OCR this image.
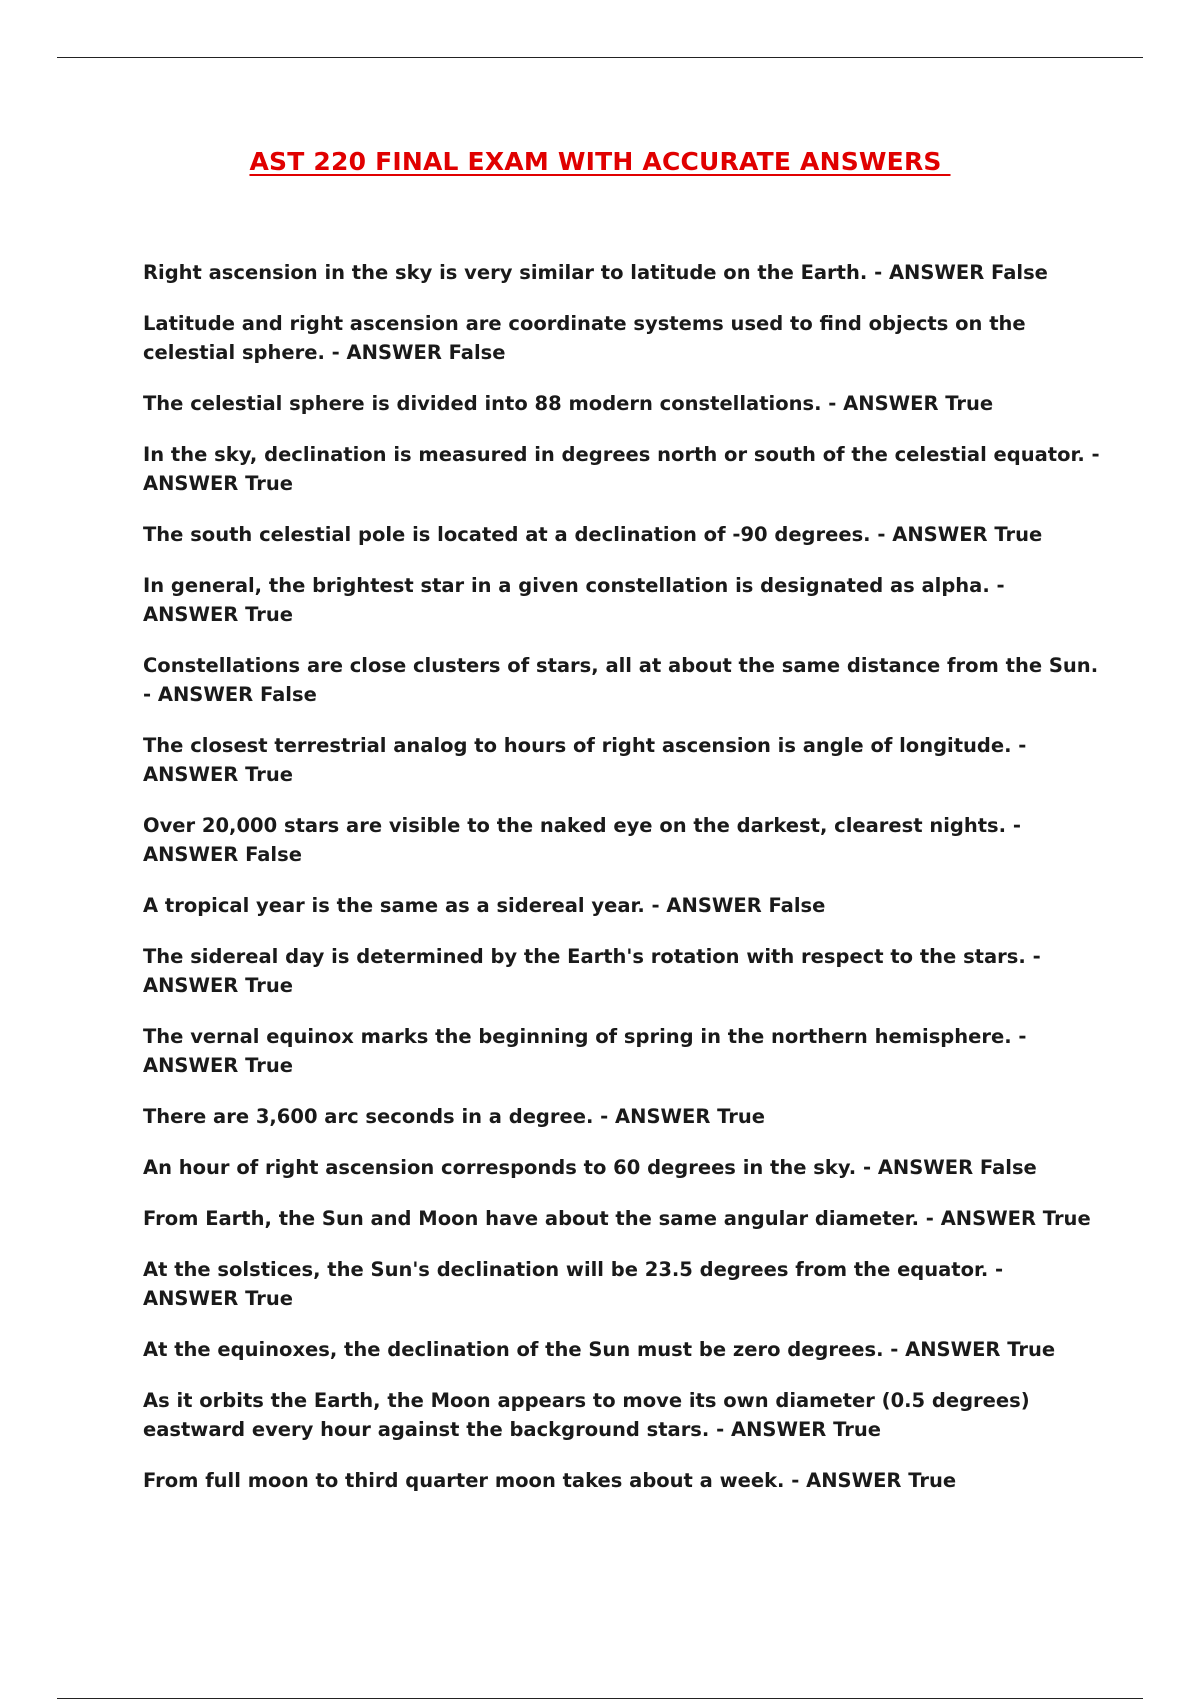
AST 220 FINAL EXAM WITH ACCURATE ANSWERS
Right ascension in the sky is very similar to latitude on the Earth. - ANSWER False
Latitude and right ascension are coordinate systems used to find objects on the celestial sphere. - ANSWER False
The celestial sphere is divided into 88 modern constellations. - ANSWER True
In the sky, declination is measured in degrees north or south of the celestial equator. - ANSWER True
The south celestial pole is located at a declination of -90 degrees. - ANSWER True
In general, the brightest star in a given constellation is designated as alpha. - ANSWER True
Constellations are close clusters of stars, all at about the same distance from the Sun. - ANSWER False
The closest terrestrial analog to hours of right ascension is angle of longitude. - ANSWER True
Over 20,000 stars are visible to the naked eye on the darkest, clearest nights. - ANSWER False
A tropical year is the same as a sidereal year. - ANSWER False
The sidereal day is determined by the Earth's rotation with respect to the stars. - ANSWER True
The vernal equinox marks the beginning of spring in the northern hemisphere. - ANSWER True
There are 3,600 arc seconds in a degree. - ANSWER True
An hour of right ascension corresponds to 60 degrees in the sky. - ANSWER False
From Earth, the Sun and Moon have about the same angular diameter. - ANSWER True
At the solstices, the Sun's declination will be 23.5 degrees from the equator. - ANSWER True
At the equinoxes, the declination of the Sun must be zero degrees. - ANSWER True
As it orbits the Earth, the Moon appears to move its own diameter (0.5 degrees) eastward every hour against the background stars. - ANSWER True
From full moon to third quarter moon takes about a week. - ANSWER True
